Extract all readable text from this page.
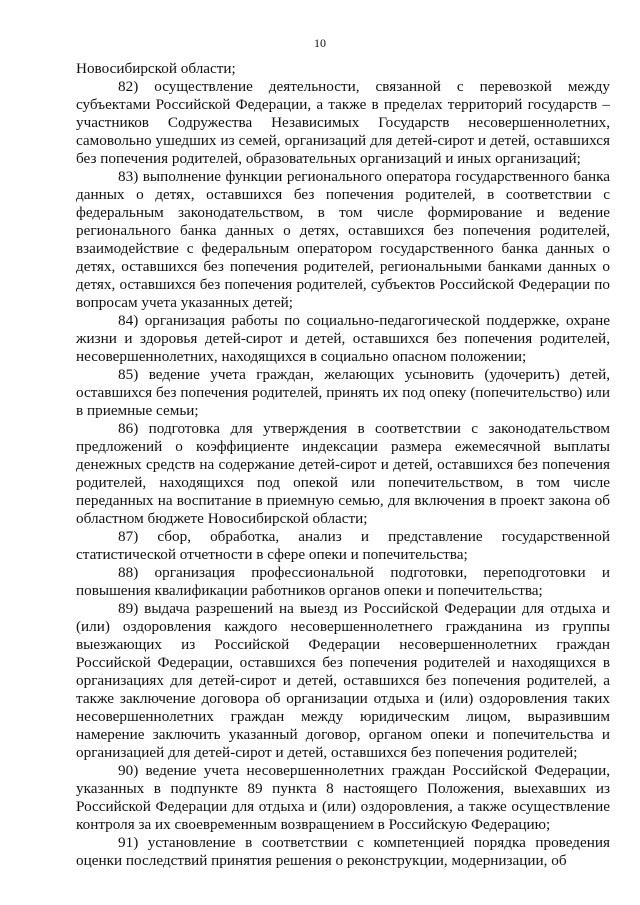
10

Новосибирской области;

82) осуществление деятельности, связанной с перевозкой между субъектами Российской Федерации, а также в пределах территорий государств – участников Содружества Независимых Государств несовершеннолетних, самовольно ушедших из семей, организаций для детей-сирот и детей, оставшихся без попечения родителей, образовательных организаций и иных организаций;

83) выполнение функции регионального оператора государственного банка данных о детях, оставшихся без попечения родителей, в соответствии с федеральным законодательством, в том числе формирование и ведение регионального банка данных о детях, оставшихся без попечения родителей, взаимодействие с федеральным оператором государственного банка данных о детях, оставшихся без попечения родителей, региональными банками данных о детях, оставшихся без попечения родителей, субъектов Российской Федерации по вопросам учета указанных детей;

84) организация работы по социально-педагогической поддержке, охране жизни и здоровья детей-сирот и детей, оставшихся без попечения родителей, несовершеннолетних, находящихся в социально опасном положении;

85) ведение учета граждан, желающих усыновить (удочерить) детей, оставшихся без попечения родителей, принять их под опеку (попечительство) или в приемные семьи;

86) подготовка для утверждения в соответствии с законодательством предложений о коэффициенте индексации размера ежемесячной выплаты денежных средств на содержание детей-сирот и детей, оставшихся без попечения родителей, находящихся под опекой или попечительством, в том числе переданных на воспитание в приемную семью, для включения в проект закона об областном бюджете Новосибирской области;

87) сбор, обработка, анализ и представление государственной статистической отчетности в сфере опеки и попечительства;

88) организация профессиональной подготовки, переподготовки и повышения квалификации работников органов опеки и попечительства;

89) выдача разрешений на выезд из Российской Федерации для отдыха и (или) оздоровления каждого несовершеннолетнего гражданина из группы выезжающих из Российской Федерации несовершеннолетних граждан Российской Федерации, оставшихся без попечения родителей и находящихся в организациях для детей-сирот и детей, оставшихся без попечения родителей, а также заключение договора об организации отдыха и (или) оздоровления таких несовершеннолетних граждан между юридическим лицом, выразившим намерение заключить указанный договор, органом опеки и попечительства и организацией для детей-сирот и детей, оставшихся без попечения родителей;

90) ведение учета несовершеннолетних граждан Российской Федерации, указанных в подпункте 89 пункта 8 настоящего Положения, выехавших из Российской Федерации для отдыха и (или) оздоровления, а также осуществление контроля за их своевременным возвращением в Российскую Федерацию;

91) установление в соответствии с компетенцией порядка проведения оценки последствий принятия решения о реконструкции, модернизации, об
